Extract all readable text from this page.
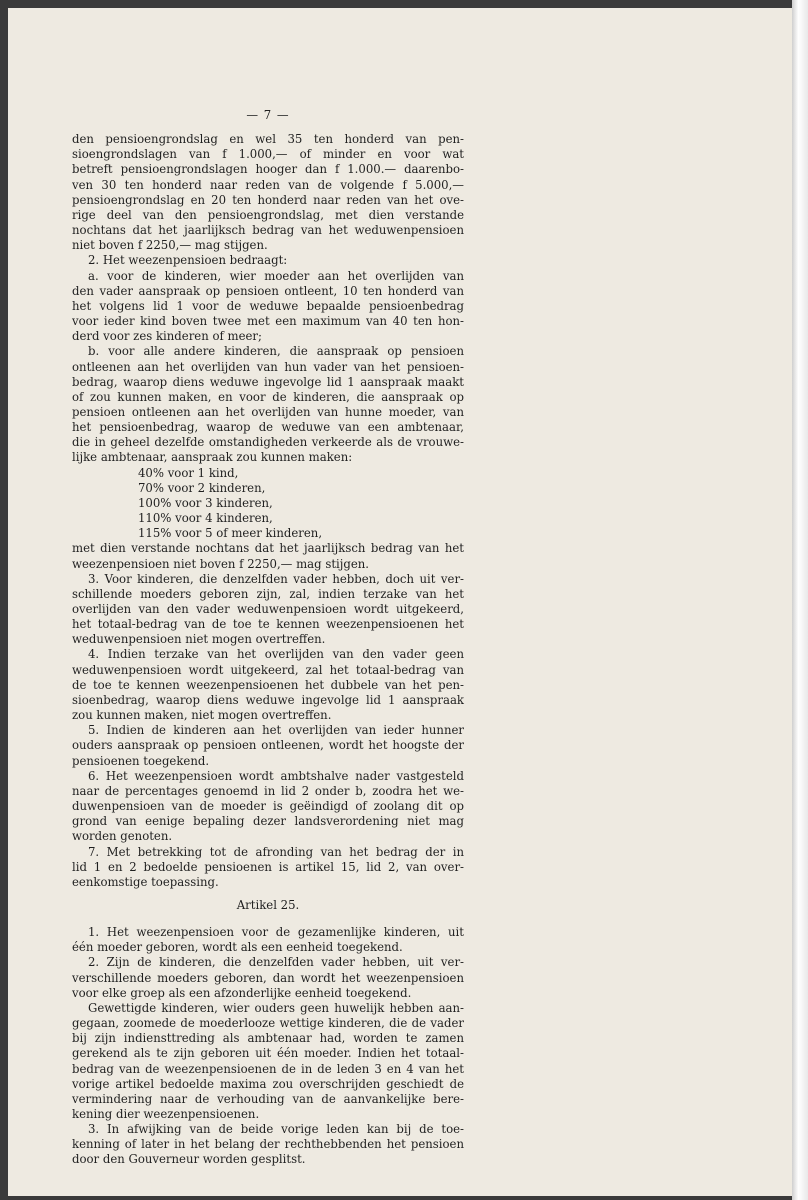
— 7 —

den pensioengrondslag en wel 35 ten honderd van pen-

sioengrondslagen van f 1.000,— of minder en voor wat

betreft pensioengrondslagen hooger dan f 1.000.— daarenbo-

ven 30 ten honderd naar reden van de volgende f 5.000,—

pensioengrondslag en 20 ten honderd naar reden van het ove-

rige deel van den pensioengrondslag, met dien verstande

nochtans dat het jaarlijksch bedrag van het weduwenpensioen

niet boven f 2250,— mag stijgen.

2. Het weezenpensioen bedraagt:

a. voor de kinderen, wier moeder aan het overlijden van

den vader aanspraak op pensioen ontleent, 10 ten honderd van

het volgens lid 1 voor de weduwe bepaalde pensioenbedrag

voor ieder kind boven twee met een maximum van 40 ten hon-

derd voor zes kinderen of meer;

b. voor alle andere kinderen, die aanspraak op pensioen

ontleenen aan het overlijden van hun vader van het pensioen-

bedrag, waarop diens weduwe ingevolge lid 1 aanspraak maakt

of zou kunnen maken, en voor de kinderen, die aanspraak op

pensioen ontleenen aan het overlijden van hunne moeder, van

het pensioenbedrag, waarop de weduwe van een ambtenaar,

die in geheel dezelfde omstandigheden verkeerde als de vrouwe-

lijke ambtenaar, aanspraak zou kunnen maken:

40% voor 1 kind,

70% voor 2 kinderen,

100% voor 3 kinderen,

110% voor 4 kinderen,

115% voor 5 of meer kinderen,

met dien verstande nochtans dat het jaarlijksch bedrag van het

weezenpensioen niet boven f 2250,— mag stijgen.

3. Voor kinderen, die denzelfden vader hebben, doch uit ver-

schillende moeders geboren zijn, zal, indien terzake van het

overlijden van den vader weduwenpensioen wordt uitgekeerd,

het totaal-bedrag van de toe te kennen weezenpensioenen het

weduwenpensioen niet mogen overtreffen.

4. Indien terzake van het overlijden van den vader geen

weduwenpensioen wordt uitgekeerd, zal het totaal-bedrag van

de toe te kennen weezenpensioenen het dubbele van het pen-

sioenbedrag, waarop diens weduwe ingevolge lid 1 aanspraak

zou kunnen maken, niet mogen overtreffen.

5. Indien de kinderen aan het overlijden van ieder hunner

ouders aanspraak op pensioen ontleenen, wordt het hoogste der

pensioenen toegekend.

6. Het weezenpensioen wordt ambtshalve nader vastgesteld

naar de percentages genoemd in lid 2 onder b, zoodra het we-

duwenpensioen van de moeder is geëindigd of zoolang dit op

grond van eenige bepaling dezer landsverordening niet mag

worden genoten.

7. Met betrekking tot de afronding van het bedrag der in

lid 1 en 2 bedoelde pensioenen is artikel 15, lid 2, van over-

eenkomstige toepassing.

Artikel 25.

1. Het weezenpensioen voor de gezamenlijke kinderen, uit

één moeder geboren, wordt als een eenheid toegekend.

2. Zijn de kinderen, die denzelfden vader hebben, uit ver-

verschillende moeders geboren, dan wordt het weezenpensioen

voor elke groep als een afzonderlijke eenheid toegekend.

Gewettigde kinderen, wier ouders geen huwelijk hebben aan-

gegaan, zoomede de moederlooze wettige kinderen, die de vader

bij zijn indiensttreding als ambtenaar had, worden te zamen

gerekend als te zijn geboren uit één moeder. Indien het totaal-

bedrag van de weezenpensioenen de in de leden 3 en 4 van het

vorige artikel bedoelde maxima zou overschrijden geschiedt de

vermindering naar de verhouding van de aanvankelijke bere-

kening dier weezenpensioenen.

3. In afwijking van de beide vorige leden kan bij de toe-

kenning of later in het belang der rechthebbenden het pensioen

door den Gouverneur worden gesplitst.
